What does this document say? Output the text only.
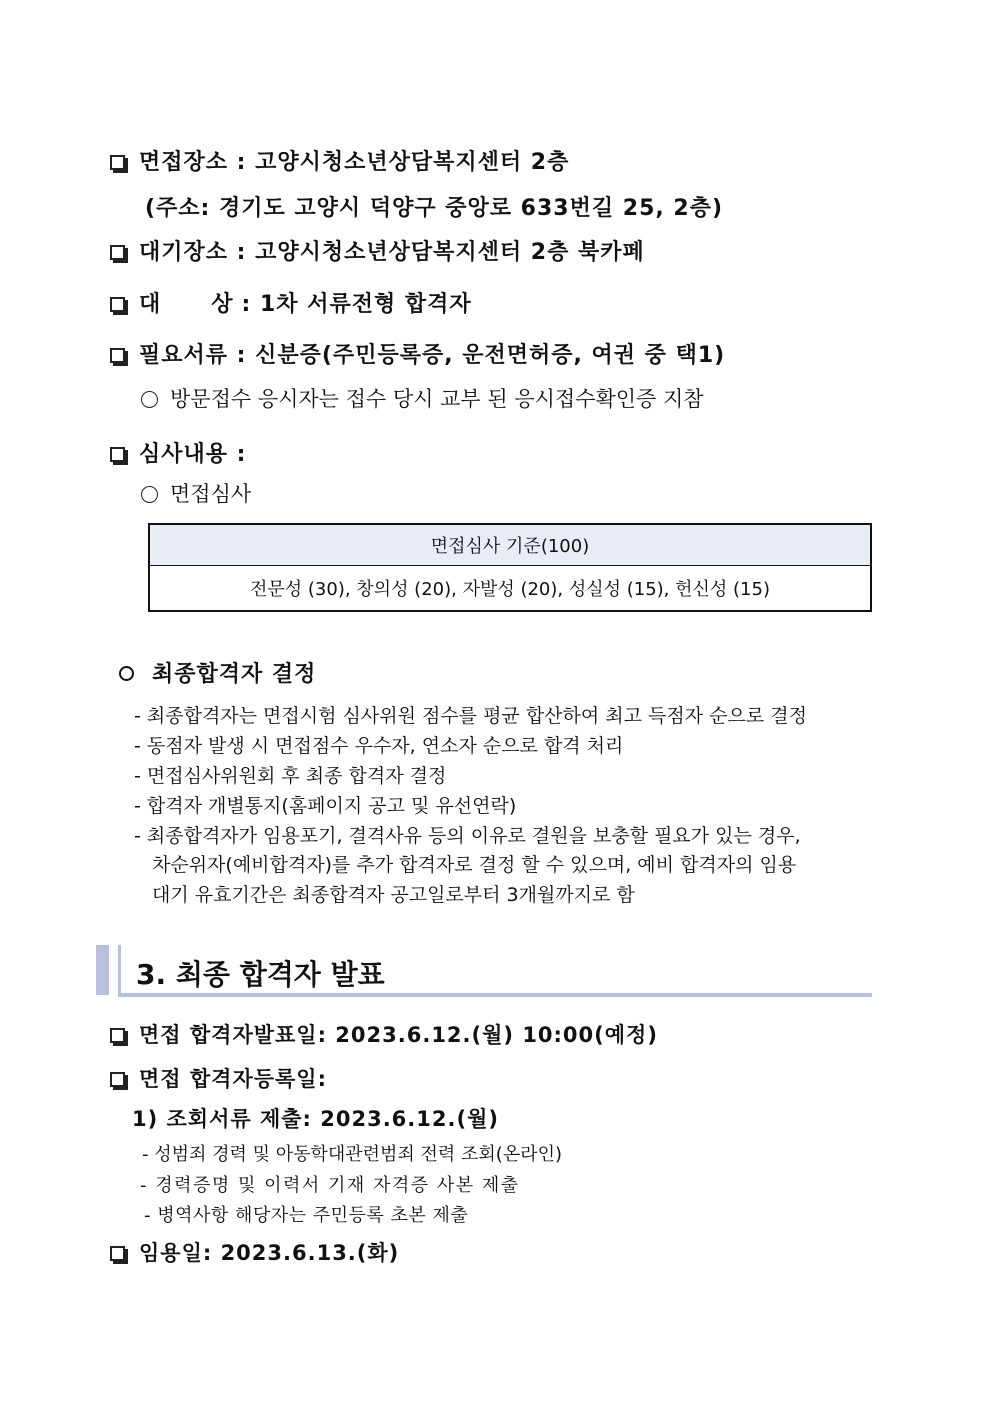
면접장소 : 고양시청소년상담복지센터 2층
(주소: 경기도 고양시 덕양구 중앙로 633번길 25, 2층)
대기장소 : 고양시청소년상담복지센터 2층 북카페
대 상 : 1차 서류전형 합격자
필요서류 : 신분증(주민등록증, 운전면허증, 여권 중 택1)
방문접수 응시자는 접수 당시 교부 된 응시접수확인증 지참
심사내용 :
면접심사
면접심사 기준(100)
전문성 (30), 창의성 (20), 자발성 (20), 성실성 (15), 헌신성 (15)
최종합격자 결정
- 최종합격자는 면접시험 심사위원 점수를 평균 합산하여 최고 득점자 순으로 결정
- 동점자 발생 시 면접점수 우수자, 연소자 순으로 합격 처리
- 면접심사위원회 후 최종 합격자 결정
- 합격자 개별통지(홈페이지 공고 및 유선연락)
- 최종합격자가 임용포기, 결격사유 등의 이유로 결원을 보충할 필요가 있는 경우,
차순위자(예비합격자)를 추가 합격자로 결정 할 수 있으며, 예비 합격자의 임용
대기 유효기간은 최종합격자 공고일로부터 3개월까지로 함
3. 최종 합격자 발표
면접 합격자발표일: 2023.6.12.(월) 10:00(예정)
면접 합격자등록일:
1) 조회서류 제출: 2023.6.12.(월)
- 성범죄 경력 및 아동학대관련범죄 전력 조회(온라인)
- 경력증명 및 이력서 기재 자격증 사본 제출
- 병역사항 해당자는 주민등록 초본 제출
임용일: 2023.6.13.(화)
